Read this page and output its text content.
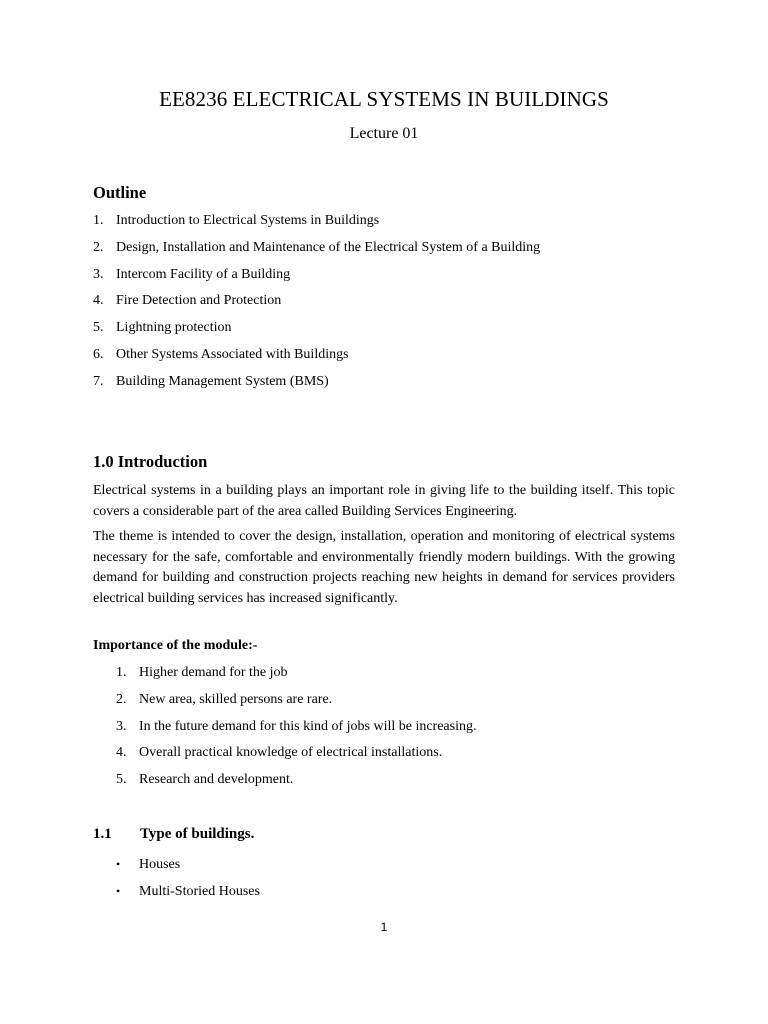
EE8236 ELECTRICAL SYSTEMS IN BUILDINGS

Lecture 01

Outline
1. Introduction to Electrical Systems in Buildings
2. Design, Installation and Maintenance of the Electrical System of a Building
3. Intercom Facility of a Building
4. Fire Detection and Protection
5. Lightning protection
6. Other Systems Associated with Buildings
7. Building Management System (BMS)
1.0 Introduction

Electrical systems in a building plays an important role in giving life to the building itself. This topic covers a considerable part of the area called Building Services Engineering.

The theme is intended to cover the design, installation, operation and monitoring of electrical systems necessary for the safe, comfortable and environmentally friendly modern buildings. With the growing demand for building and construction projects reaching new heights in demand for services providers electrical building services has increased significantly.

Importance of the module:-
1. Higher demand for the job
2. New area, skilled persons are rare.
3. In the future demand for this kind of jobs will be increasing.
4. Overall practical knowledge of electrical installations.
5. Research and development.
1.1 Type of buildings.
• Houses
• Multi-Storied Houses

1
